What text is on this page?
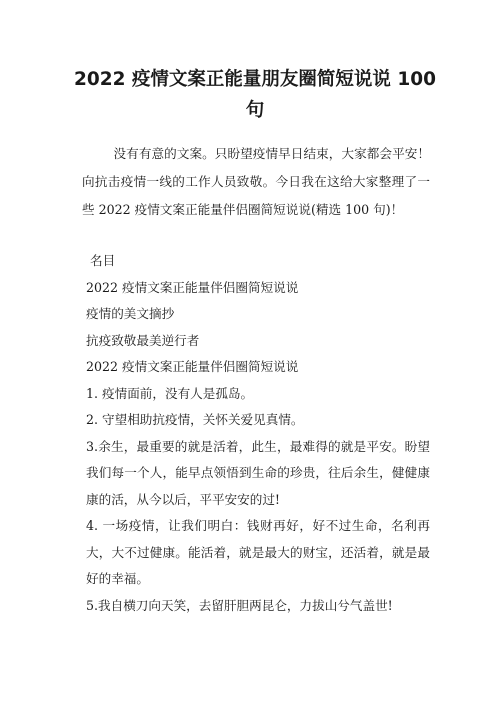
2022 疫情文案正能量朋友圈简短说说 100 句

没有有意的文案。只盼望疫情早日结束，大家都会平安！向抗击疫情一线的工作人员致敬。今日我在这给大家整理了一些 2022 疫情文案正能量伴侣圈简短说说(精选 100 句)！

名目
2022 疫情文案正能量伴侣圈简短说说
疫情的美文摘抄
抗疫致敬最美逆行者
2022 疫情文案正能量伴侣圈简短说说

1. 疫情面前，没有人是孤岛。

2. 守望相助抗疫情，关怀关爱见真情。

3.余生，最重要的就是活着，此生，最难得的就是平安。盼望我们每一个人，能早点领悟到生命的珍贵，往后余生，健健康康的活，从今以后，平平安安的过!

4. 一场疫情，让我们明白：钱财再好，好不过生命，名利再大，大不过健康。能活着，就是最大的财宝，还活着，就是最好的幸福。

5.我自横刀向天笑，去留肝胆两昆仑，力拔山兮气盖世!
